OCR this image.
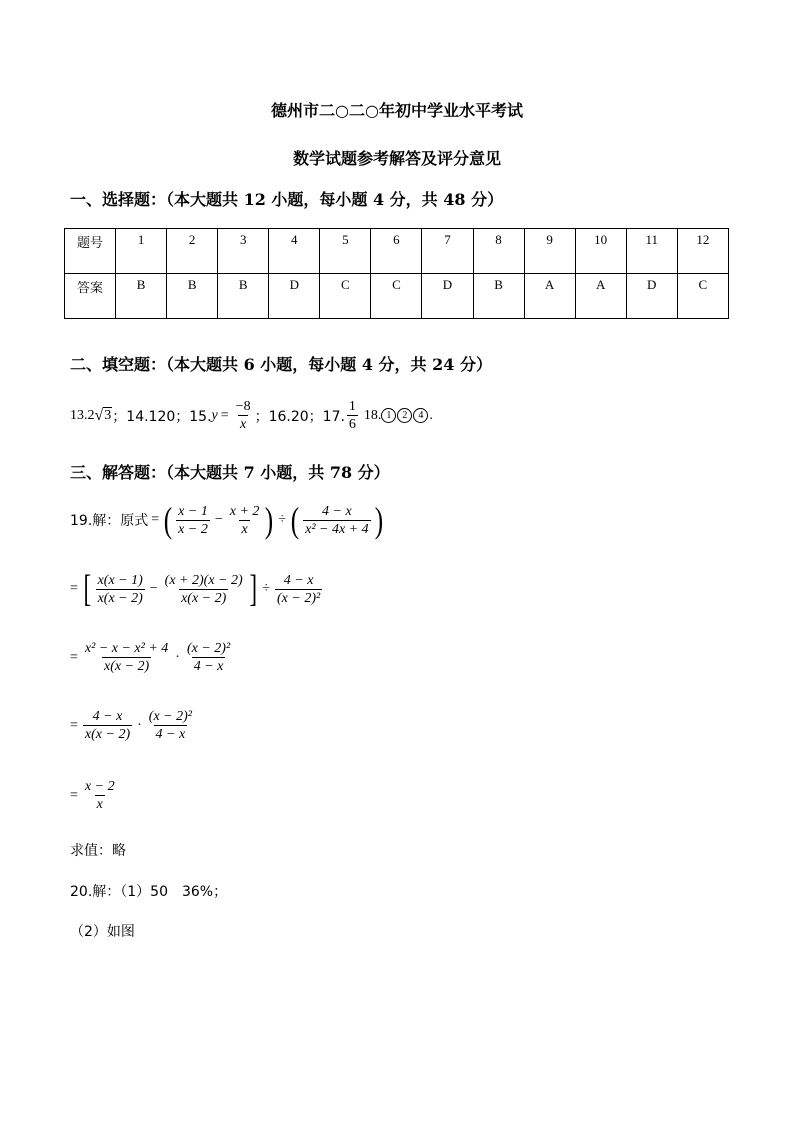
德州市二○二○年初中学业水平考试
数学试题参考解答及评分意见
一、选择题：（本大题共 12 小题，每小题 4 分，共 48 分）
题号	1	2	3	4	5	6	7	8	9	10	11	12
答案	B	B	B	D	C	C	D	B	A	A	D	C
二、填空题：（本大题共 6 小题，每小题 4 分，共 24 分）
13. 2 √ 3 ；14.120；15. $y = \frac{-8}{x}$ ；16.20；17. $\frac{1}{6} 18$. 1	2	4 .
三、解答题：（本大题共 7 小题，共 78 分）
19.解：原式 = ( $\frac{x - 1}{x - 2} - \frac{x + 2}{x}$ ) ÷ ( $\frac{4 - x}{\text{x² − 4x + 4}}$ )
= [ $\frac{x(x - 1)}{x(x - 2)} - \frac{(x + 2)(x - 2)}{x(x - 2)}$ ] ÷ $\frac{4 - x}{\text{(x − 2)²}}$
= $\frac{\text{x² − x − x² + 4}}{x(x - 2)} \cdot \frac{\text{(x − 2)²}}{4 - x}$
= $\frac{4 - x}{x(x - 2)} \cdot \frac{\text{(x − 2)²}}{4 - x}$
= $\frac{x - 2}{x}$
求值：略
20.解：（1）50　36%；
（2）如图
